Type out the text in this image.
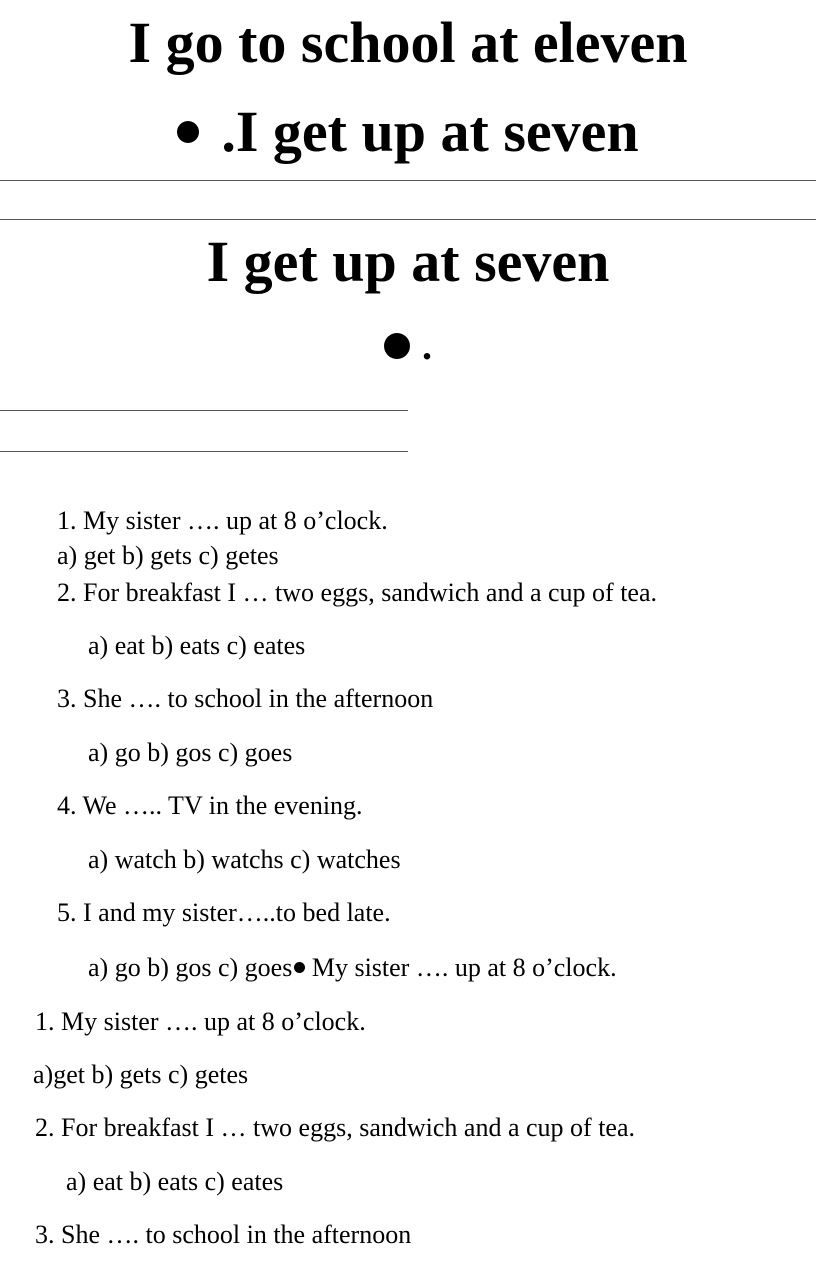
I go to school at eleven
.I get up at seven
I get up at seven
.
1. My sister …. up at 8 o’clock.
a) get b) gets c) getes
2. For breakfast I … two eggs, sandwich and a cup of tea.
a) eat b) eats c) eates
3. She …. to school in the afternoon
a) go b) gos c) goes
4. We ….. TV in the evening.
a) watch b) watchs c) watches
5. I and my sister…..to bed late.
a) go b) gos c) goes My sister …. up at 8 o’clock.
1. My sister …. up at 8 o’clock.
a)get b) gets c) getes
2. For breakfast I … two eggs, sandwich and a cup of tea.
a) eat b) eats c) eates
3. She …. to school in the afternoon
